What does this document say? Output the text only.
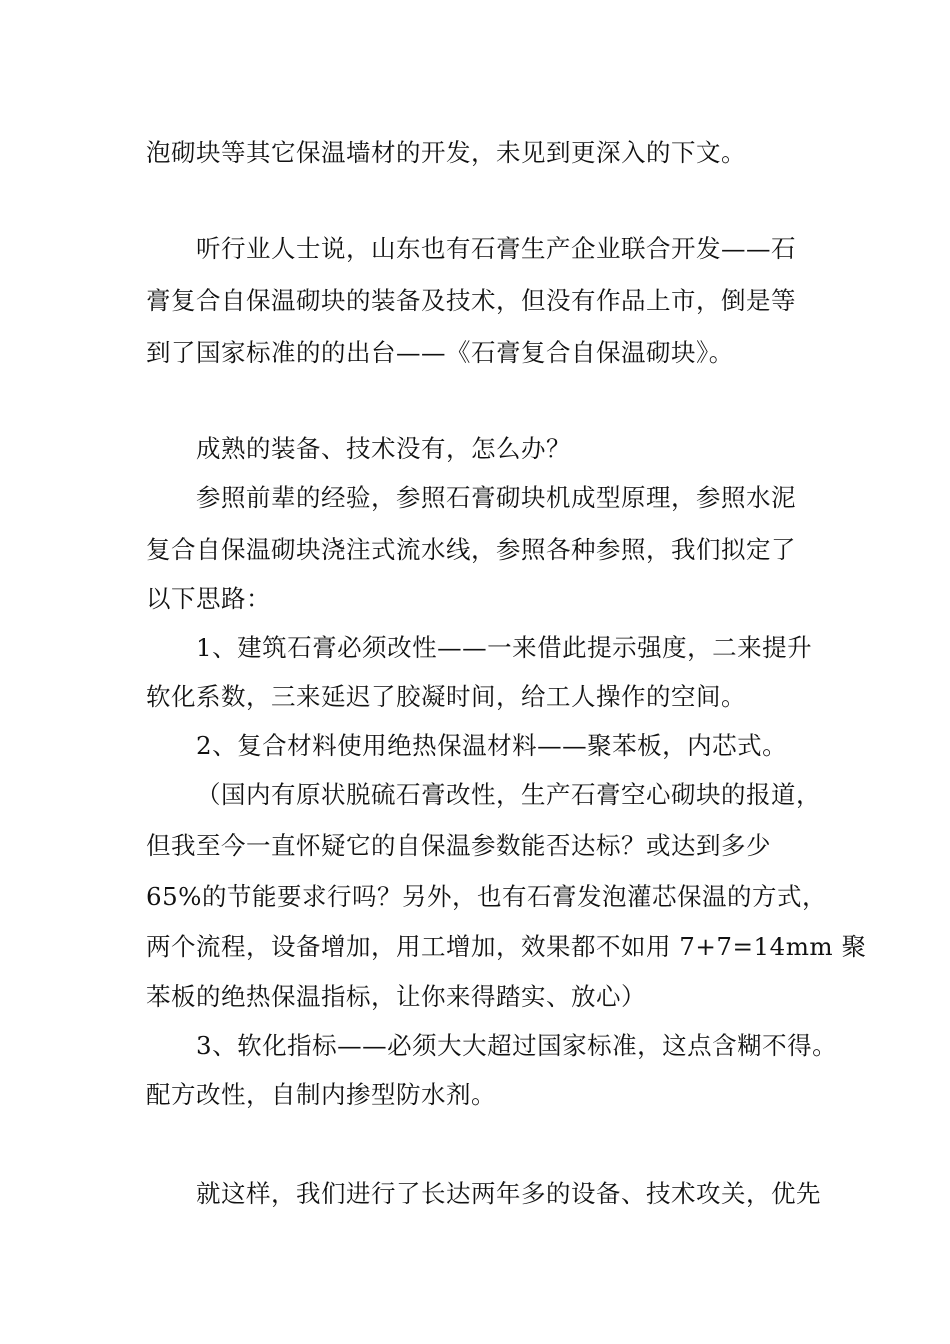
泡砌块等其它保温墙材的开发，未见到更深入的下文。
听行业人士说，山东也有石膏生产企业联合开发——石
膏复合自保温砌块的装备及技术，但没有作品上市，倒是等
到了国家标准的的出台——《石膏复合自保温砌块》。
成熟的装备、技术没有，怎么办？
参照前辈的经验，参照石膏砌块机成型原理，参照水泥
复合自保温砌块浇注式流水线，参照各种参照，我们拟定了
以下思路：
1、建筑石膏必须改性——一来借此提示强度，二来提升
软化系数，三来延迟了胶凝时间，给工人操作的空间。
2、复合材料使用绝热保温材料——聚苯板，内芯式。
（国内有原状脱硫石膏改性，生产石膏空心砌块的报道，
但我至今一直怀疑它的自保温参数能否达标？或达到多少
65%的节能要求行吗？另外，也有石膏发泡灌芯保温的方式，
两个流程，设备增加，用工增加，效果都不如用 7+7=14mm 聚
苯板的绝热保温指标，让你来得踏实、放心）
3、软化指标——必须大大超过国家标准，这点含糊不得。
配方改性，自制内掺型防水剂。
就这样，我们进行了长达两年多的设备、技术攻关，优先
